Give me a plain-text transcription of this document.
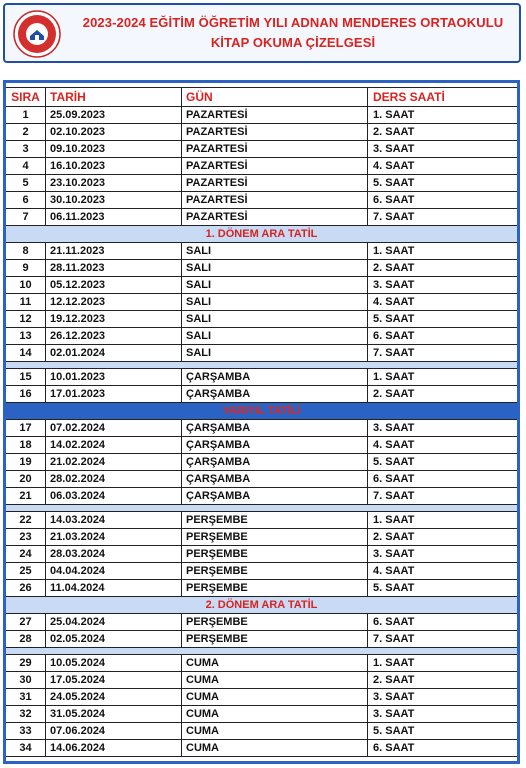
2023-2024 EĞİTİM ÖĞRETİM YILI ADNAN MENDERES ORTAOKULU
KİTAP OKUMA ÇİZELGESİ
SIRA TARİH	GÜN	DERS SAATİ
1	25.09.2023	PAZARTESİ	1. SAAT
2	02.10.2023	PAZARTESİ	2. SAAT
3	09.10.2023	PAZARTESİ	3. SAAT
4	16.10.2023	PAZARTESİ	4. SAAT
5	23.10.2023	PAZARTESİ	5. SAAT
6	30.10.2023	PAZARTESİ	6. SAAT
7	06.11.2023	PAZARTESİ	7. SAAT
1. DÖNEM ARA TATİL
8	21.11.2023	SALI	1. SAAT
9	28.11.2023	SALI	2. SAAT
10	05.12.2023	SALI	3. SAAT
11	12.12.2023	SALI	4. SAAT
12	19.12.2023	SALI	5. SAAT
13	26.12.2023	SALI	6. SAAT
14	02.01.2024	SALI	7. SAAT
15	10.01.2023	ÇARŞAMBA	1. SAAT
16	17.01.2023	ÇARŞAMBA	2. SAAT
YARIYIL TATİLİ
17	07.02.2024	ÇARŞAMBA	3. SAAT
18	14.02.2024	ÇARŞAMBA	4. SAAT
19	21.02.2024	ÇARŞAMBA	5. SAAT
20	28.02.2024	ÇARŞAMBA	6. SAAT
21	06.03.2024	ÇARŞAMBA	7. SAAT
22	14.03.2024	PERŞEMBE	1. SAAT
23	21.03.2024	PERŞEMBE	2. SAAT
24	28.03.2024	PERŞEMBE	3. SAAT
25	04.04.2024	PERŞEMBE	4. SAAT
26	11.04.2024	PERŞEMBE	5. SAAT
2. DÖNEM ARA TATİL
27	25.04.2024	PERŞEMBE	6. SAAT
28	02.05.2024	PERŞEMBE	7. SAAT
29	10.05.2024	CUMA	1. SAAT
30	17.05.2024	CUMA	2. SAAT
31	24.05.2024	CUMA	3. SAAT
32	31.05.2024	CUMA	3. SAAT
33	07.06.2024	CUMA	5. SAAT
34	14.06.2024	CUMA	6. SAAT
